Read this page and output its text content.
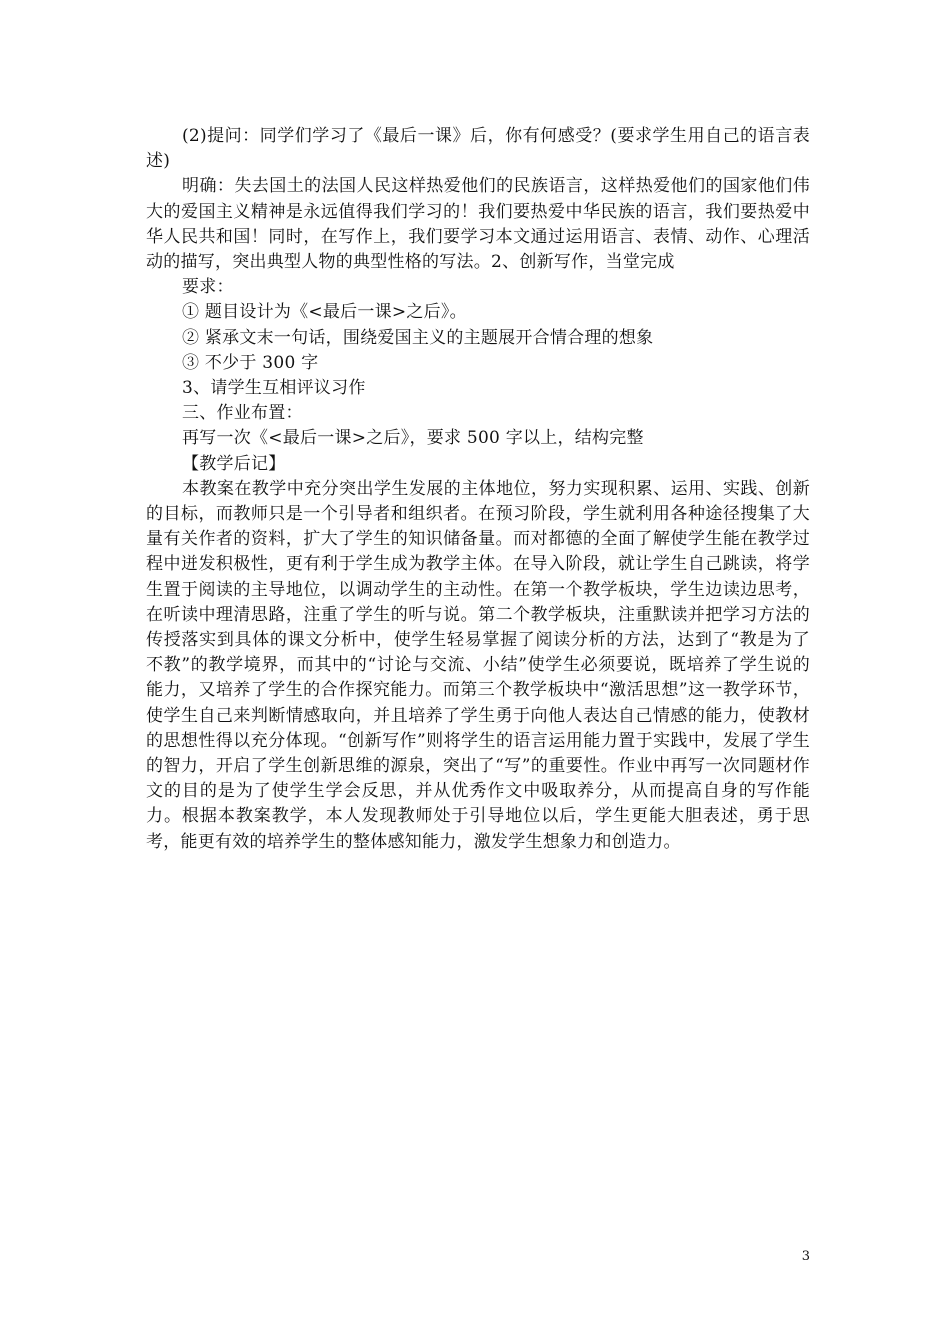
(2)提问：同学们学习了《最后一课》后，你有何感受？(要求学生用自己的语言表述)

明确：失去国土的法国人民这样热爱他们的民族语言，这样热爱他们的国家他们伟大的爱国主义精神是永远值得我们学习的！我们要热爱中华民族的语言，我们要热爱中华人民共和国！同时，在写作上，我们要学习本文通过运用语言、表情、动作、心理活动的描写，突出典型人物的典型性格的写法。2、创新写作，当堂完成

要求：

① 题目设计为《<最后一课>之后》。

② 紧承文末一句话，围绕爱国主义的主题展开合情合理的想象

③ 不少于 300 字

3、请学生互相评议习作

三、作业布置：

再写一次《<最后一课>之后》，要求 500 字以上，结构完整

【教学后记】

本教案在教学中充分突出学生发展的主体地位，努力实现积累、运用、实践、创新的目标，而教师只是一个引导者和组织者。在预习阶段，学生就利用各种途径搜集了大量有关作者的资料，扩大了学生的知识储备量。而对都德的全面了解使学生能在教学过程中迸发积极性，更有利于学生成为教学主体。在导入阶段，就让学生自己跳读，将学生置于阅读的主导地位，以调动学生的主动性。在第一个教学板块，学生边读边思考，在听读中理清思路，注重了学生的听与说。第二个教学板块，注重默读并把学习方法的传授落实到具体的课文分析中，使学生轻易掌握了阅读分析的方法，达到了“教是为了不教”的教学境界，而其中的“讨论与交流、小结”使学生必须要说，既培养了学生说的能力，又培养了学生的合作探究能力。而第三个教学板块中“激活思想”这一教学环节，使学生自己来判断情感取向，并且培养了学生勇于向他人表达自己情感的能力，使教材的思想性得以充分体现。“创新写作”则将学生的语言运用能力置于实践中，发展了学生的智力，开启了学生创新思维的源泉，突出了“写”的重要性。作业中再写一次同题材作文的目的是为了使学生学会反思，并从优秀作文中吸取养分，从而提高自身的写作能力。根据本教案教学，本人发现教师处于引导地位以后，学生更能大胆表述，勇于思考，能更有效的培养学生的整体感知能力，激发学生想象力和创造力。

3
